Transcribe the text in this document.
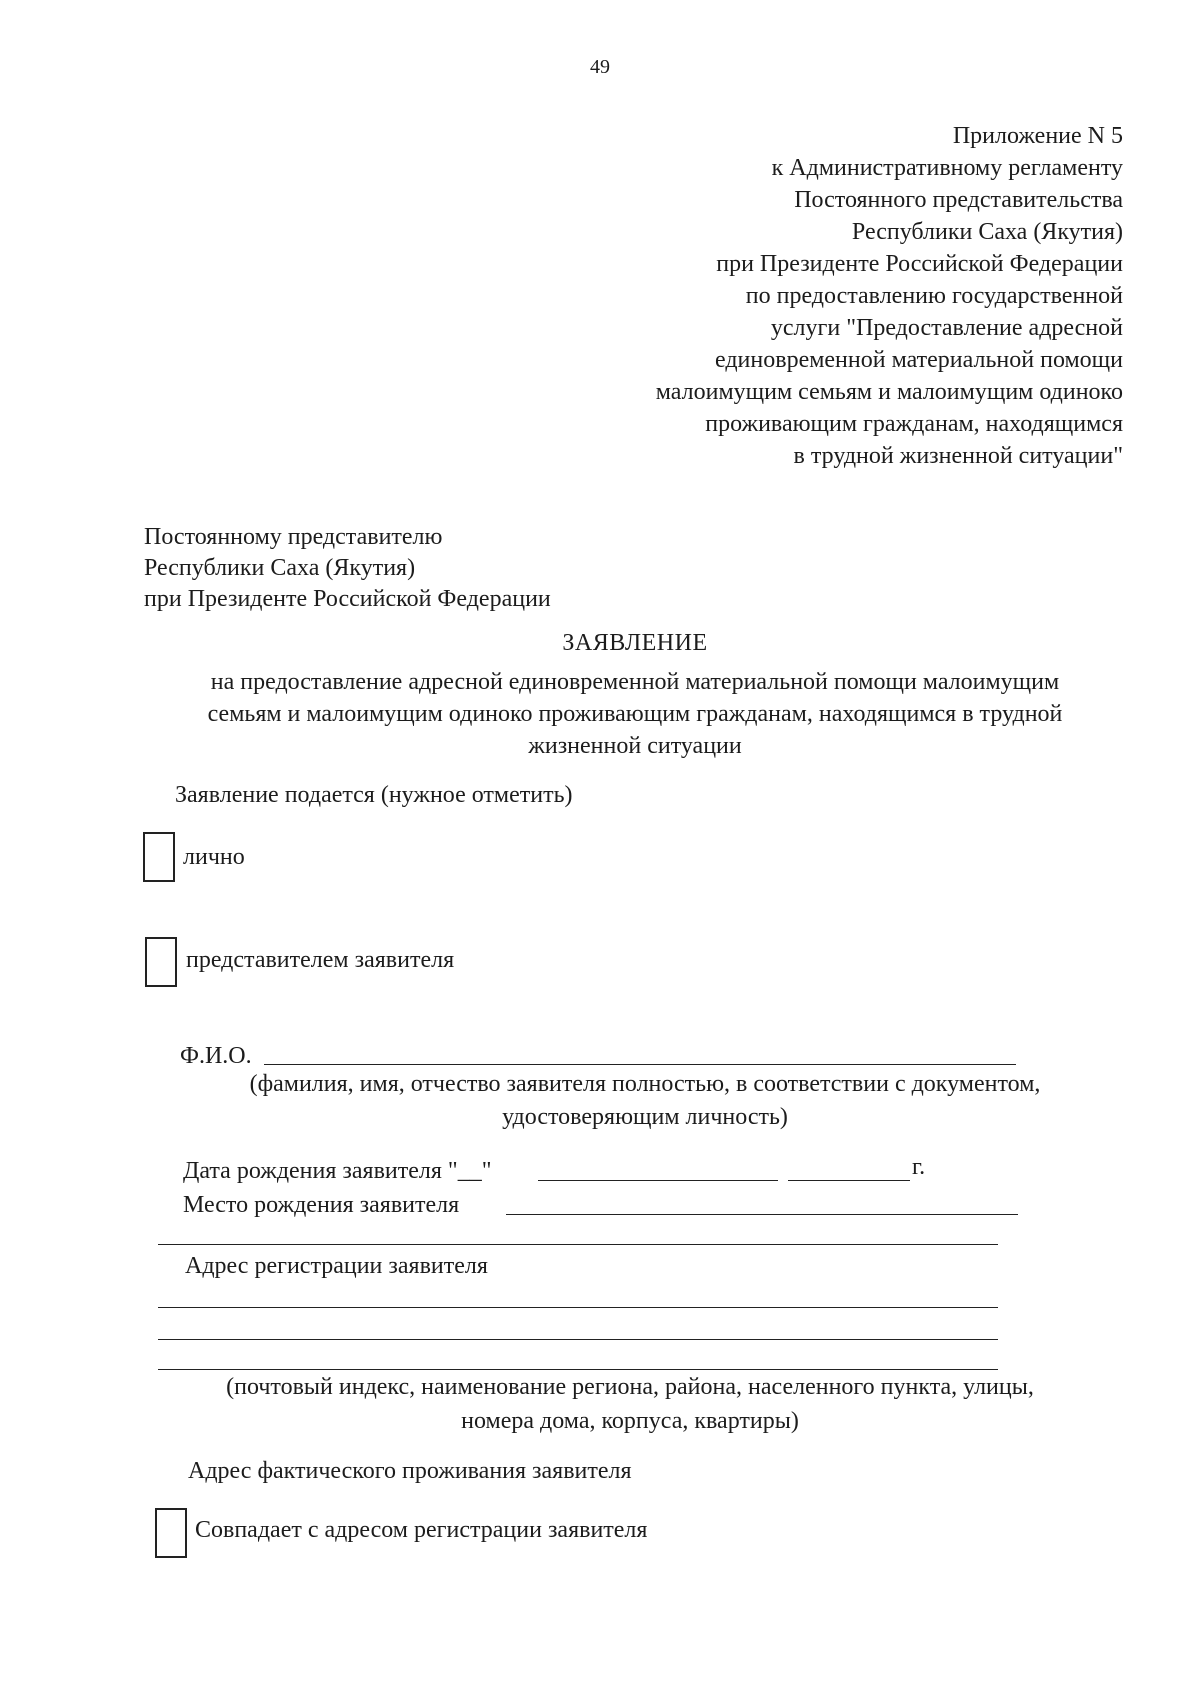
49
Приложение N 5
к Административному регламенту
Постоянного представительства
Республики Саха (Якутия)
при Президенте Российской Федерации
по предоставлению государственной
услуги "Предоставление адресной
единовременной материальной помощи
малоимущим семьям и малоимущим одиноко
проживающим гражданам, находящимся
в трудной жизненной ситуации"
Постоянному представителю
Республики Саха (Якутия)
при Президенте Российской Федерации
ЗАЯВЛЕНИЕ
на предоставление адресной единовременной материальной помощи малоимущим
семьям и малоимущим одиноко проживающим гражданам, находящимся в трудной
жизненной ситуации
Заявление подается (нужное отметить)
лично
представителем заявителя
Ф.И.О.
(фамилия, имя, отчество заявителя полностью, в соответствии с документом,
удостоверяющим личность)
Дата рождения заявителя "__"	г.
Место рождения заявителя
Адрес регистрации заявителя
(почтовый индекс, наименование региона, района, населенного пункта, улицы,
номера дома, корпуса, квартиры)
Адрес фактического проживания заявителя
Совпадает с адресом регистрации заявителя
